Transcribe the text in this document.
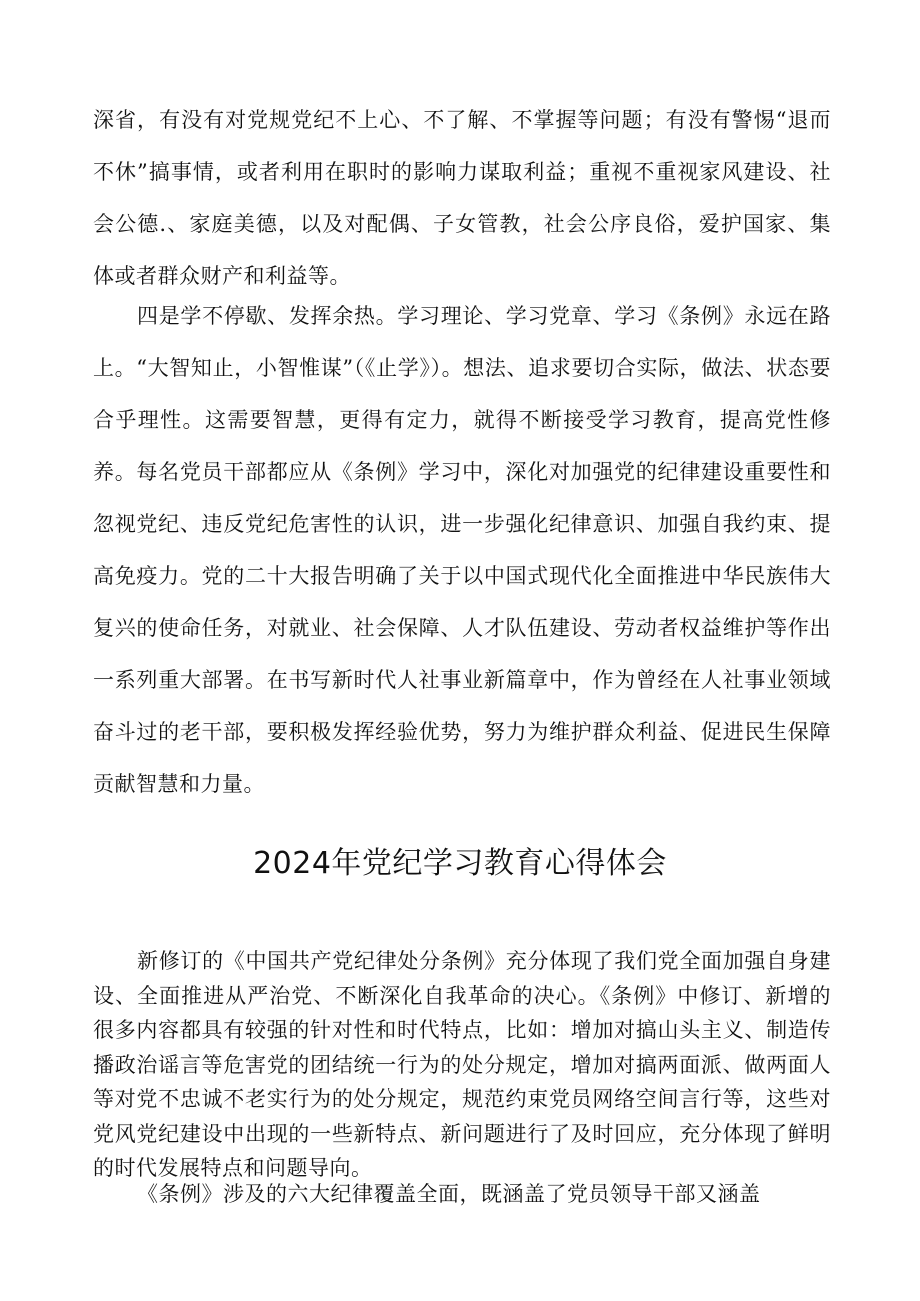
深省，有没有对党规党纪不上心、不了解、不掌握等问题；有没有警惕“退而不休”搞事情，或者利用在职时的影响力谋取利益；重视不重视家风建设、社会公德.、家庭美德，以及对配偶、子女管教，社会公序良俗，爱护国家、集体或者群众财产和利益等。

四是学不停歇、发挥余热。学习理论、学习党章、学习《条例》永远在路上。“大智知止，小智惟谋”（《止学》）。想法、追求要切合实际，做法、状态要合乎理性。这需要智慧，更得有定力，就得不断接受学习教育，提高党性修养。每名党员干部都应从《条例》学习中，深化对加强党的纪律建设重要性和忽视党纪、违反党纪危害性的认识，进一步强化纪律意识、加强自我约束、提高免疫力。党的二十大报告明确了关于以中国式现代化全面推进中华民族伟大复兴的使命任务，对就业、社会保障、人才队伍建设、劳动者权益维护等作出一系列重大部署。在书写新时代人社事业新篇章中，作为曾经在人社事业领域奋斗过的老干部，要积极发挥经验优势，努力为维护群众利益、促进民生保障贡献智慧和力量。

2024年党纪学习教育心得体会

新修订的《中国共产党纪律处分条例》充分体现了我们党全面加强自身建设、全面推进从严治党、不断深化自我革命的决心。《条例》中修订、新增的很多内容都具有较强的针对性和时代特点，比如：增加对搞山头主义、制造传播政治谣言等危害党的团结统一行为的处分规定，增加对搞两面派、做两面人等对党不忠诚不老实行为的处分规定，规范约束党员网络空间言行等，这些对党风党纪建设中出现的一些新特点、新问题进行了及时回应，充分体现了鲜明的时代发展特点和问题导向。

《条例》涉及的六大纪律覆盖全面，既涵盖了党员领导干部又涵盖
